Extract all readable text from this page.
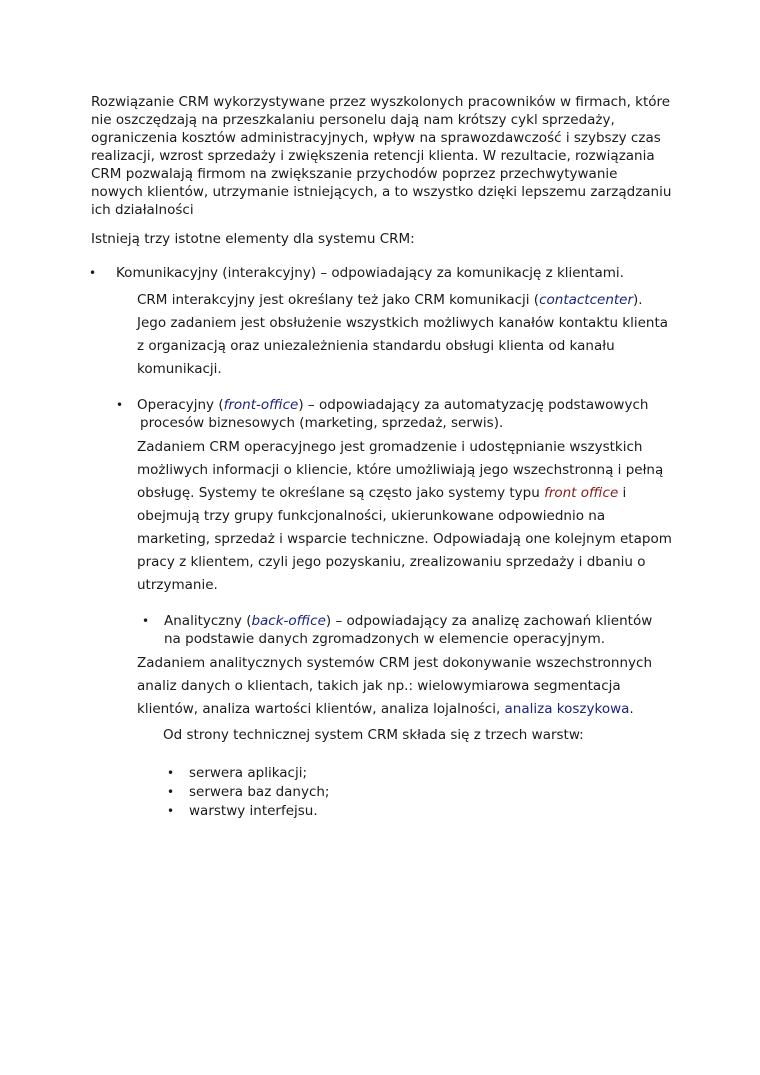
Rozwiązanie CRM wykorzystywane przez wyszkolonych pracowników w firmach, które
nie oszczędzają na przeszkalaniu personelu dają nam krótszy cykl sprzedaży,
ograniczenia kosztów administracyjnych, wpływ na sprawozdawczość i szybszy czas
realizacji, wzrost sprzedaży i zwiększenia retencji klienta. W rezultacie, rozwiązania
CRM pozwalają firmom na zwiększanie przychodów poprzez przechwytywanie
nowych klientów, utrzymanie istniejących, a to wszystko dzięki lepszemu zarządzaniu
ich działalności

Istnieją trzy istotne elementy dla systemu CRM:

• Komunikacyjny (interakcyjny) – odpowiadający za komunikację z klientami.

CRM interakcyjny jest określany też jako CRM komunikacji (contactcenter).
Jego zadaniem jest obsłużenie wszystkich możliwych kanałów kontaktu klienta
z organizacją oraz uniezależnienia standardu obsługi klienta od kanału
komunikacji.
• Operacyjny (front-office) – odpowiadający za automatyzację podstawowych
procesów biznesowych (marketing, sprzedaż, serwis).
Zadaniem CRM operacyjnego jest gromadzenie i udostępnianie wszystkich
możliwych informacji o kliencie, które umożliwiają jego wszechstronną i pełną
obsługę. Systemy te określane są często jako systemy typu front office i
obejmują trzy grupy funkcjonalności, ukierunkowane odpowiednio na
marketing, sprzedaż i wsparcie techniczne. Odpowiadają one kolejnym etapom
pracy z klientem, czyli jego pozyskaniu, zrealizowaniu sprzedaży i dbaniu o
utrzymanie.
• Analityczny (back-office) – odpowiadający za analizę zachowań klientów
na podstawie danych zgromadzonych w elemencie operacyjnym.
Zadaniem analitycznych systemów CRM jest dokonywanie wszechstronnych
analiz danych o klientach, takich jak np.: wielowymiarowa segmentacja
klientów, analiza wartości klientów, analiza lojalności, analiza koszykowa.

Od strony technicznej system CRM składa się z trzech warstw:

• serwera aplikacji;

• serwera baz danych;

• warstwy interfejsu.
